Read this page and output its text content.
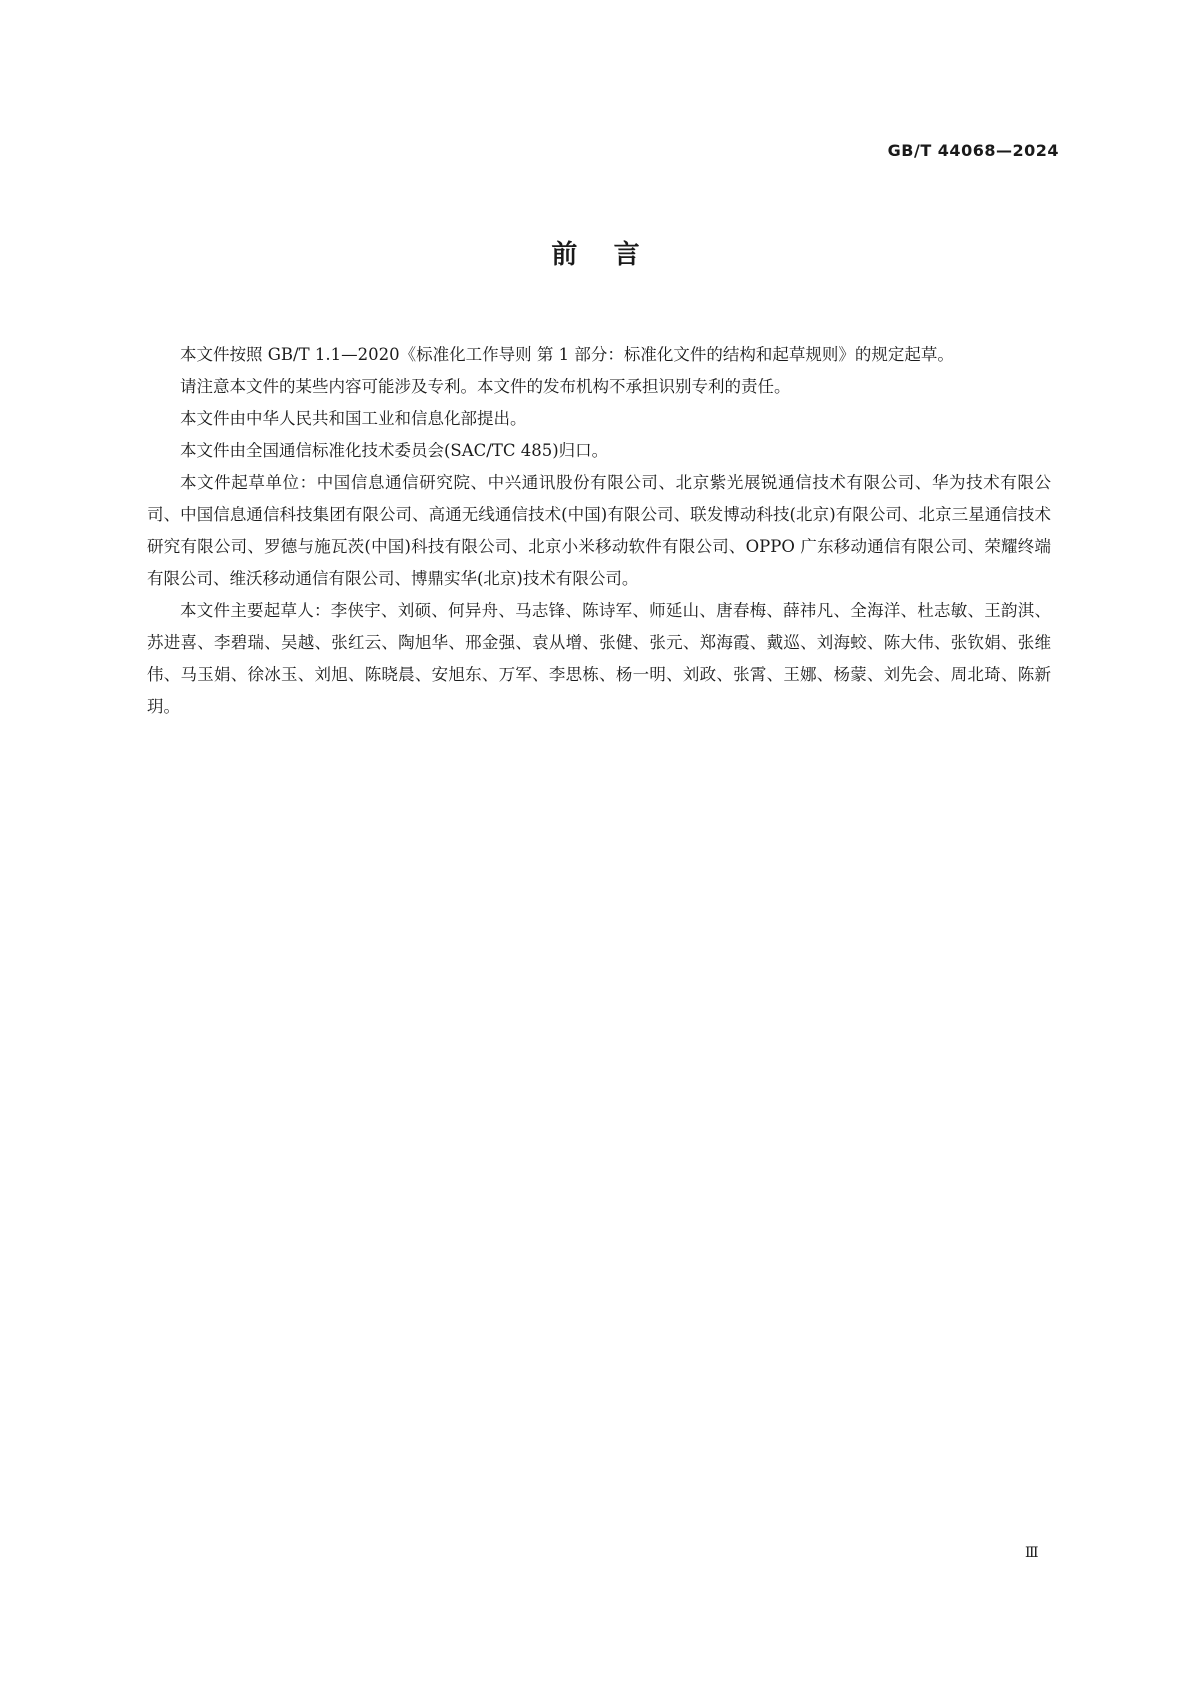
GB/T 44068—2024
前    言

本文件按照 GB/T 1.1—2020《标准化工作导则 第 1 部分：标准化文件的结构和起草规则》的规定起草。

请注意本文件的某些内容可能涉及专利。本文件的发布机构不承担识别专利的责任。

本文件由中华人民共和国工业和信息化部提出。

本文件由全国通信标准化技术委员会(SAC/TC 485)归口。

本文件起草单位：中国信息通信研究院、中兴通讯股份有限公司、北京紫光展锐通信技术有限公司、华为技术有限公司、中国信息通信科技集团有限公司、高通无线通信技术(中国)有限公司、联发博动科技(北京)有限公司、北京三星通信技术研究有限公司、罗德与施瓦茨(中国)科技有限公司、北京小米移动软件有限公司、OPPO 广东移动通信有限公司、荣耀终端有限公司、维沃移动通信有限公司、博鼎实华(北京)技术有限公司。

本文件主要起草人：李侠宇、刘硕、何异舟、马志锋、陈诗军、师延山、唐春梅、薛祎凡、全海洋、杜志敏、王韵淇、苏进喜、李碧瑞、吴越、张红云、陶旭华、邢金强、袁从增、张健、张元、郑海霞、戴巡、刘海蛟、陈大伟、张钦娟、张维伟、马玉娟、徐冰玉、刘旭、陈晓晨、安旭东、万军、李思栋、杨一明、刘政、张霄、王娜、杨蒙、刘先会、周北琦、陈新玥。

Ⅲ
